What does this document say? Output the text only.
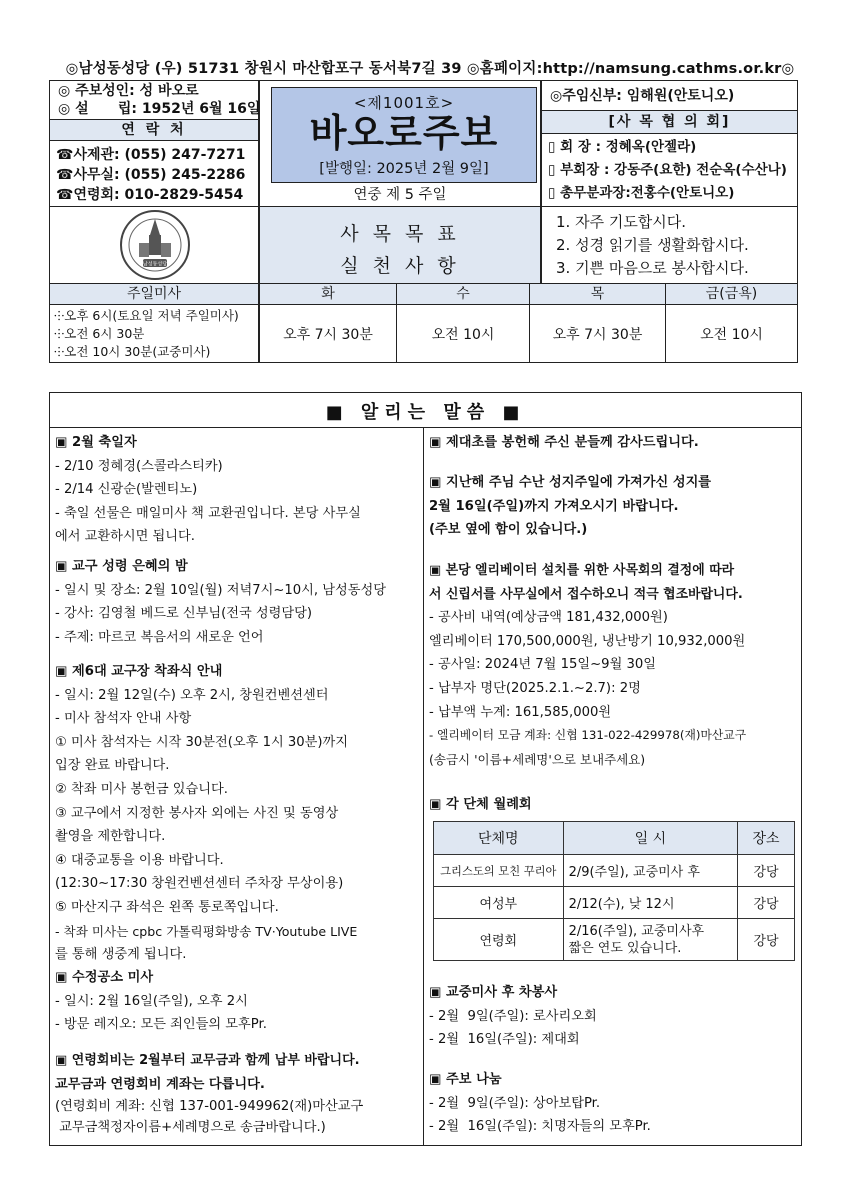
◎남성동성당 (우) 51731 창원시 마산합포구 동서북7길 39 ◎홈페이지:http://namsung.cathms.or.kr◎
◎ 주보성인: 성 바오로
◎ 설      립: 1952년 6월 16일
연 락 처
☎사제관: (055) 247-7271
☎사무실: (055) 245-2286
☎연령회: 010-2829-5454
<제1001호>
바오로주보
[발행일: 2025년 2월 9일]
연중 제 5 주일
◎주임신부: 임해원(안토니오)
[사 목 협 의 회]
▯ 회 장 : 정혜옥(안젤라)
▯ 부회장 : 강동주(요한) 전순옥(수산나)
▯ 총무분과장:전홍수(안토니오)
남성동성당
사 목 목 표
실 천 사 항
1. 자주 기도합시다.
2. 성경 읽기를 생활화합시다.
3. 기쁜 마음으로 봉사합시다.
주일미사	화	수	목	금(금욕)
⸭오후 6시(토요일 저녁 주일미사)
⸭오전 6시 30분
⸭오전 10시 30분(교중미사)
오후 7시 30분	오전 10시	오후 7시 30분	오전 10시
■ 알리는 말씀 ■
▣ 2월 축일자
- 2/10 정혜경(스콜라스티카)
- 2/14 신광순(발렌티노)
- 축일 선물은 매일미사 책 교환권입니다. 본당 사무실
에서 교환하시면 됩니다.
▣ 교구 성령 은혜의 밤
- 일시 및 장소: 2월 10일(월) 저녁7시~10시, 남성동성당
- 강사: 김영철 베드로 신부님(전국 성령담당)
- 주제: 마르코 복음서의 새로운 언어
▣ 제6대 교구장 착좌식 안내
- 일시: 2월 12일(수) 오후 2시, 창원컨벤션센터
- 미사 참석자 안내 사항
① 미사 참석자는 시작 30분전(오후 1시 30분)까지
입장 완료 바랍니다.
② 착좌 미사 봉헌금 있습니다.
③ 교구에서 지정한 봉사자 외에는 사진 및 동영상
촬영을 제한합니다.
④ 대중교통을 이용 바랍니다.
(12:30~17:30 창원컨벤션센터 주차장 무상이용)
⑤ 마산지구 좌석은 왼쪽 통로쪽입니다.
- 착좌 미사는 cpbc 가톨릭평화방송 TV·Youtube LIVE
를 통해 생중계 됩니다.
▣ 수정공소 미사
- 일시: 2월 16일(주일), 오후 2시
- 방문 레지오: 모든 죄인들의 모후Pr.
▣ 연령회비는 2월부터 교무금과 함께 납부 바랍니다.
교무금과 연령회비 계좌는 다릅니다.
(연령회비 계좌: 신협 137-001-949962(재)마산교구
교무금책정자이름+세례명으로 송금바랍니다.)
▣ 제대초를 봉헌해 주신 분들께 감사드립니다.
▣ 지난해 주님 수난 성지주일에 가져가신 성지를
2월 16일(주일)까지 가져오시기 바랍니다.
(주보 옆에 함이 있습니다.)
▣ 본당 엘리베이터 설치를 위한 사목회의 결정에 따라
서 신립서를 사무실에서 접수하오니 적극 협조바랍니다.
- 공사비 내역(예상금액 181,432,000원)
엘리베이터 170,500,000원, 냉난방기 10,932,000원
- 공사일: 2024년 7월 15일~9월 30일
- 납부자 명단(2025.2.1.~2.7): 2명
- 납부액 누계: 161,585,000원
- 엘리베이터 모금 계좌: 신협 131-022-429978(재)마산교구
(송금시 '이름+세례명'으로 보내주세요)
▣ 각 단체 월례회
단체명	일 시	장소
그리스도의 모친 꾸리아	2/9(주일), 교중미사 후	강당
여성부	2/12(수), 낮 12시	강당
연령회	2/16(주일), 교중미사후
짧은 연도 있습니다.	강당
▣ 교중미사 후 차봉사
- 2월  9일(주일): 로사리오회
- 2월  16일(주일): 제대회
▣ 주보 나눔
- 2월  9일(주일): 상아보탑Pr.
- 2월  16일(주일): 치명자들의 모후Pr.
